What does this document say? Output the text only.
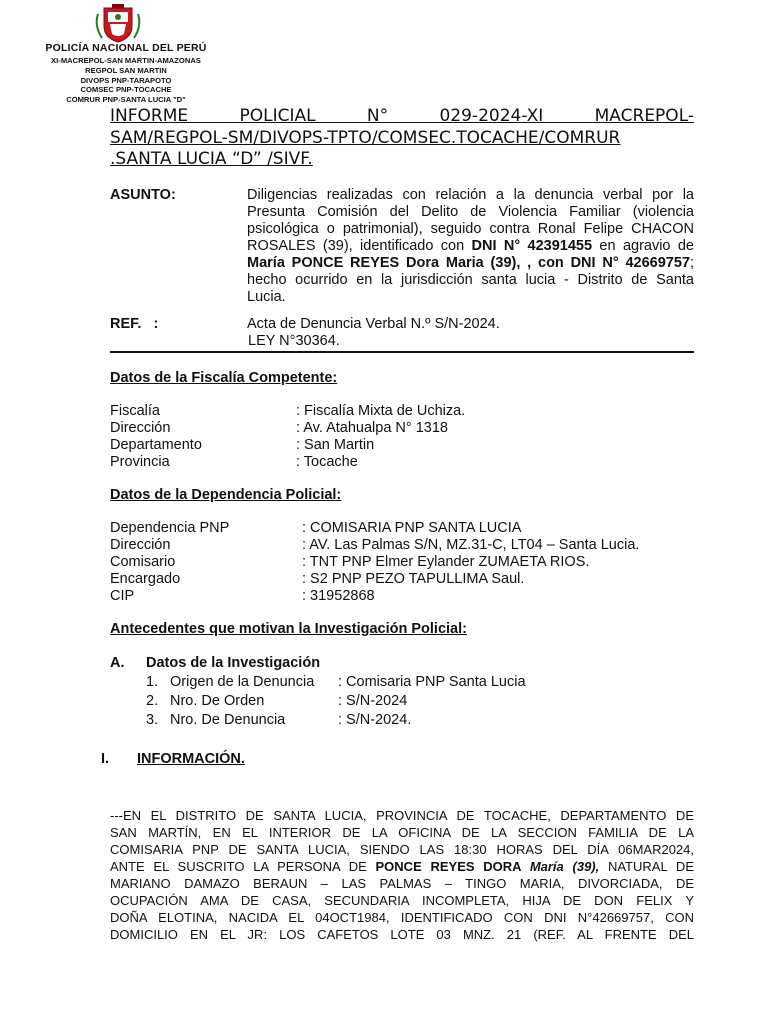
POLICÍA NACIONAL DEL PERÚ
XI-MACREPOL-SAN MARTIN-AMAZONAS
REGPOL SAN MARTIN
DIVOPS PNP-TARAPOTO
COMSEC PNP-TOCACHE
COMRUR PNP-SANTA LUCIA "D"
INFORME POLICIAL N° 029-2024-XI MACREPOL-
SAM/REGPOL-SM/DIVOPS-TPTO/COMSEC.TOCACHE/COMRUR
.SANTA LUCIA “D” /SIVF.
ASUNTO:	Diligencias realizadas con relación a la denuncia verbal por la
Presunta Comisión del Delito de Violencia Familiar (violencia
psicológica o patrimonial), seguido contra Ronal Felipe CHACON
ROSALES (39), identificado con DNI N° 42391455 en agravio de
María PONCE REYES Dora Maria (39), , con DNI N° 42669757;
hecho ocurrido en la jurisdicción santa lucia - Distrito de Santa
Lucia.
REF.   :	Acta de Denuncia Verbal N.º S/N-2024.
LEY N°30364.
Datos de la Fiscalía Competente:
Fiscalía	: Fiscalía Mixta de Uchiza.
Dirección	: Av. Atahualpa N° 1318
Departamento	: San Martin
Provincia	: Tocache
Datos de la Dependencia Policial:
Dependencia PNP	: COMISARIA PNP SANTA LUCIA
Dirección	: AV. Las Palmas S/N, MZ.31-C, LT04 – Santa Lucia.
Comisario	: TNT PNP Elmer Eylander ZUMAETA RIOS.
Encargado	: S2 PNP PEZO TAPULLIMA Saul.
CIP	: 31952868
Antecedentes que motivan la Investigación Policial:
A. Datos de la Investigación
1. Origen de la Denuncia : Comisaria PNP Santa Lucia
2. Nro. De Orden	: S/N-2024
3. Nro. De Denuncia	: S/N-2024.
I. INFORMACIÓN.
---EN EL DISTRITO DE SANTA LUCIA, PROVINCIA DE TOCACHE, DEPARTAMENTO DE
SAN MARTÍN, EN EL INTERIOR DE LA OFICINA DE LA SECCION FAMILIA DE LA
COMISARIA PNP DE SANTA LUCIA, SIENDO LAS 18:30 HORAS DEL DÍA 06MAR2024,
ANTE EL SUSCRITO LA PERSONA DE PONCE REYES DORA María (39), NATURAL DE
MARIANO DAMAZO BERAUN – LAS PALMAS – TINGO MARIA, DIVORCIADA, DE
OCUPACIÓN AMA DE CASA, SECUNDARIA INCOMPLETA, HIJA DE DON FELIX Y
DOÑA ELOTINA, NACIDA EL 04OCT1984, IDENTIFICADO CON DNI N°42669757, CON
DOMICILIO EN EL JR: LOS CAFETOS LOTE 03 MNZ. 21 (REF. AL FRENTE DEL
